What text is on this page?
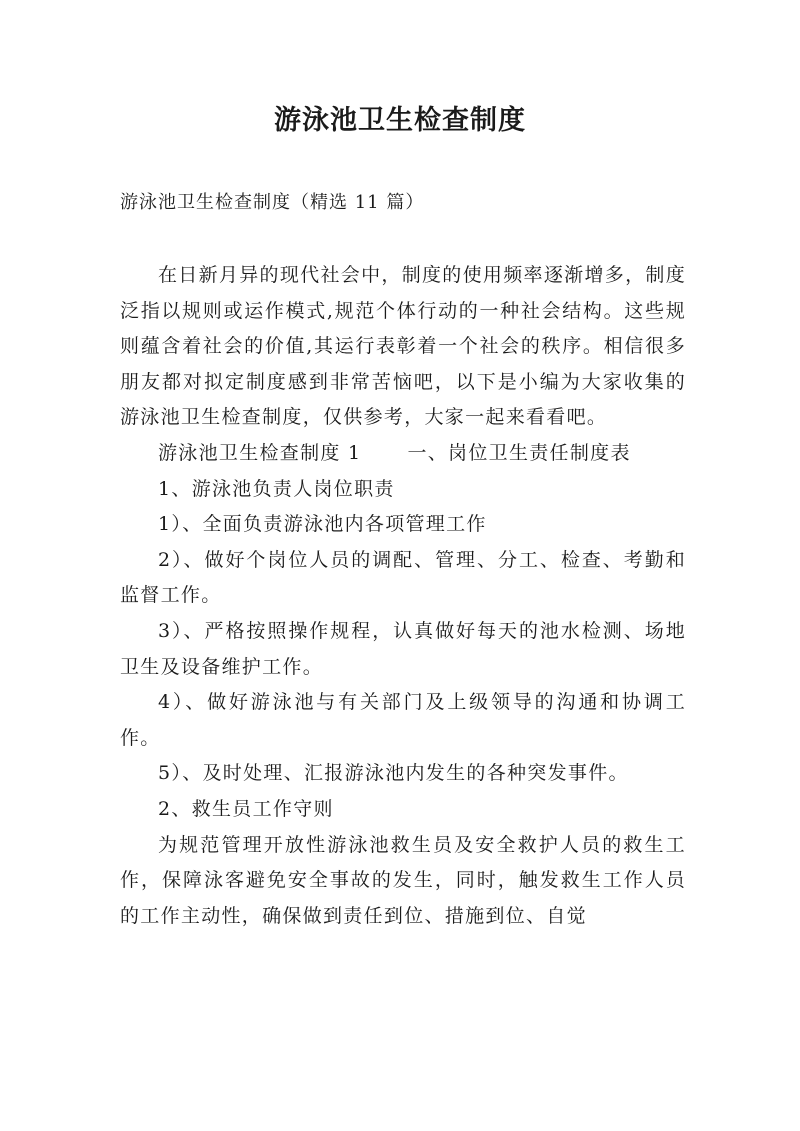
游泳池卫生检查制度
游泳池卫生检查制度（精选 11 篇）

在日新月异的现代社会中，制度的使用频率逐渐增多，制度泛指以规则或运作模式,规范个体行动的一种社会结构。这些规则蕴含着社会的价值,其运行表彰着一个社会的秩序。相信很多朋友都对拟定制度感到非常苦恼吧，以下是小编为大家收集的游泳池卫生检查制度，仅供参考，大家一起来看看吧。

游泳池卫生检查制度 1 一、岗位卫生责任制度表

1、游泳池负责人岗位职责

1）、全面负责游泳池内各项管理工作

2）、做好个岗位人员的调配、管理、分工、检查、考勤和监督工作。

3）、严格按照操作规程，认真做好每天的池水检测、场地卫生及设备维护工作。

4）、做好游泳池与有关部门及上级领导的沟通和协调工作。

5）、及时处理、汇报游泳池内发生的各种突发事件。

2、救生员工作守则

为规范管理开放性游泳池救生员及安全救护人员的救生工作，保障泳客避免安全事故的发生，同时，触发救生工作人员的工作主动性，确保做到责任到位、措施到位、自觉
